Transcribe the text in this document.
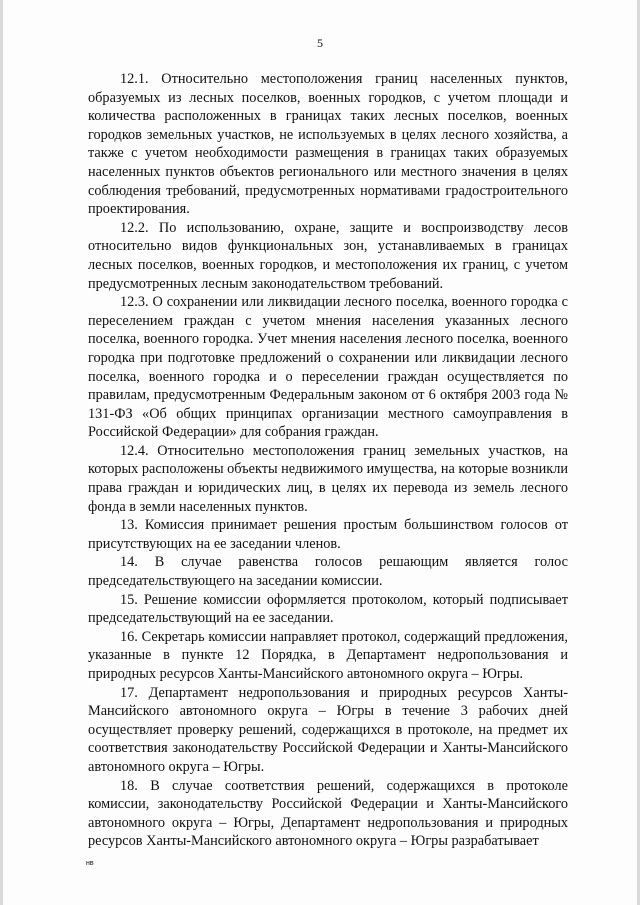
5

12.1. Относительно местоположения границ населенных пунктов, образуемых из лесных поселков, военных городков, с учетом площади и количества расположенных в границах таких лесных поселков, военных городков земельных участков, не используемых в целях лесного хозяйства, а также с учетом необходимости размещения в границах таких образуемых населенных пунктов объектов регионального или местного значения в целях соблюдения требований, предусмотренных нормативами градостроительного проектирования.

12.2. По использованию, охране, защите и воспроизводству лесов относительно видов функциональных зон, устанавливаемых в границах лесных поселков, военных городков, и местоположения их границ, с учетом предусмотренных лесным законодательством требований.

12.3. О сохранении или ликвидации лесного поселка, военного городка с переселением граждан с учетом мнения населения указанных лесного поселка, военного городка. Учет мнения населения лесного поселка, военного городка при подготовке предложений о сохранении или ликвидации лесного поселка, военного городка и о переселении граждан осуществляется по правилам, предусмотренным Федеральным законом от 6 октября 2003 года № 131-ФЗ «Об общих принципах организации местного самоуправления в Российской Федерации» для собрания граждан.

12.4. Относительно местоположения границ земельных участков, на которых расположены объекты недвижимого имущества, на которые возникли права граждан и юридических лиц, в целях их перевода из земель лесного фонда в земли населенных пунктов.

13. Комиссия принимает решения простым большинством голосов от присутствующих на ее заседании членов.

14. В случае равенства голосов решающим является голос председательствующего на заседании комиссии.

15. Решение комиссии оформляется протоколом, который подписывает председательствующий на ее заседании.

16. Секретарь комиссии направляет протокол, содержащий предложения, указанные в пункте 12 Порядка, в Департамент недропользования и природных ресурсов Ханты-Мансийского автономного округа – Югры.

17. Департамент недропользования и природных ресурсов Ханты-Мансийского автономного округа – Югры в течение 3 рабочих дней осуществляет проверку решений, содержащихся в протоколе, на предмет их соответствия законодательству Российской Федерации и Ханты-Мансийского автономного округа – Югры.

18. В случае соответствия решений, содержащихся в протоколе комиссии, законодательству Российской Федерации и Ханты-Мансийского автономного округа – Югры, Департамент недропользования и природных ресурсов Ханты-Мансийского автономного округа – Югры разрабатывает

нв
